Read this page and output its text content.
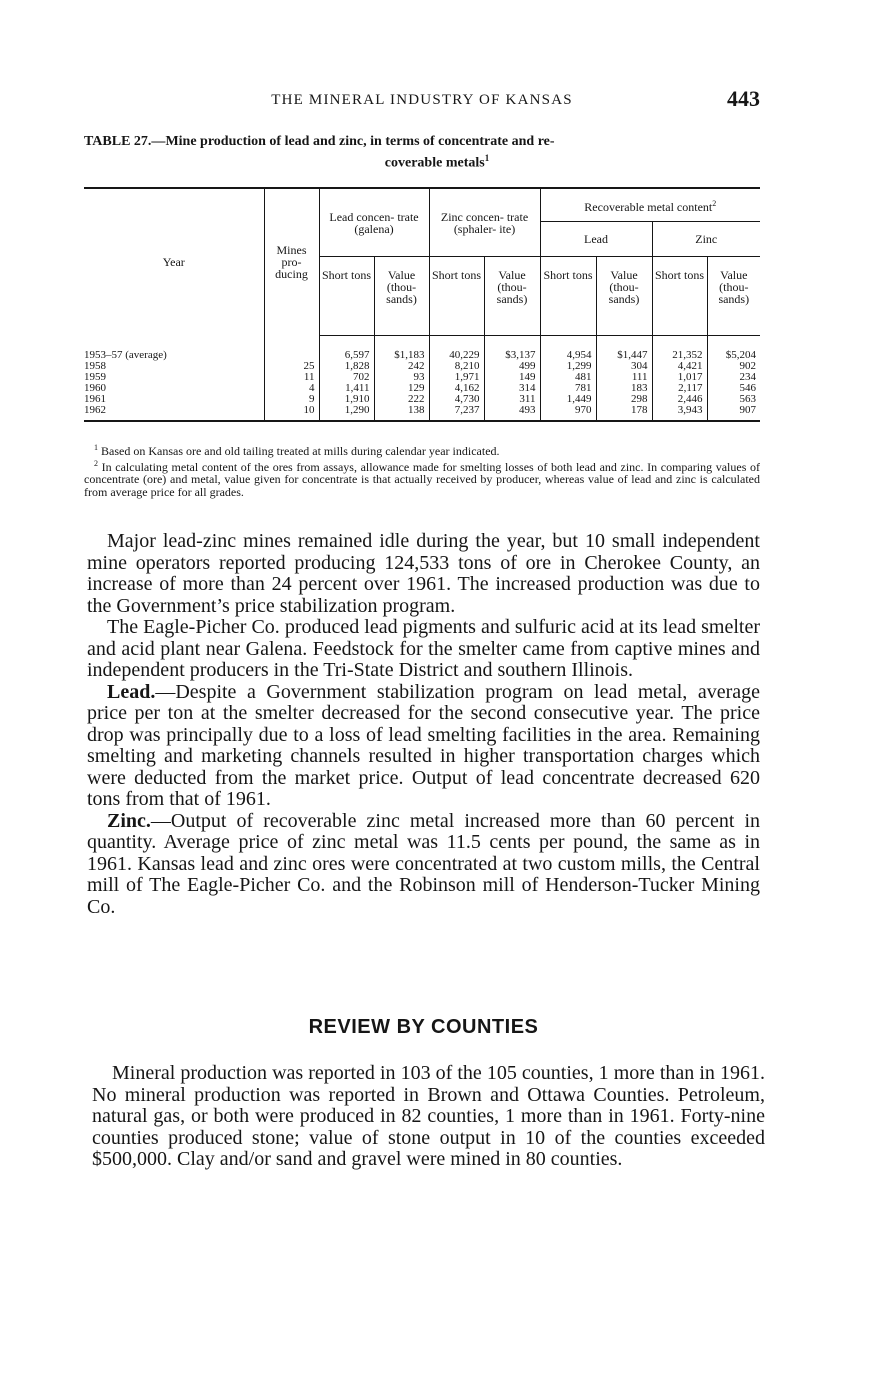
THE MINERAL INDUSTRY OF KANSAS	443
TABLE 27.—Mine production of lead and zinc, in terms of concentrate and re-
coverable metals$^1$
Year	Mines pro- ducing	Lead concen- trate (galena)		Zinc concen- trate (sphaler- ite)		Recoverable metal content$^2$
						Lead		Zinc	
		Short tons	Value (thou- sands)	Short tons	Value (thou- sands)	Short tons	Value (thou- sands)	Short tons	Value (thou- sands)
1953–57 (average)		6,597	$1,183	40,229	$3,137	4,954	$1,447	21,352	$5,204
1958	25	1,828	242	8,210	499	1,299	304	4,421	902
1959	11	702	93	1,971	149	481	111	1,017	234
1960	4	1,411	129	4,162	314	781	183	2,117	546
1961	9	1,910	222	4,730	311	1,449	298	2,446	563
1962	10	1,290	138	7,237	493	970	178	3,943	907

$^1$ Based on Kansas ore and old tailing treated at mills during calendar year indicated.

$^2$ In calculating metal content of the ores from assays, allowance made for smelting losses of both lead and zinc. In comparing values of concentrate (ore) and metal, value given for concentrate is that actually received by producer, whereas value of lead and zinc is calculated from average price for all grades.

Major lead-zinc mines remained idle during the year, but 10 small independent mine operators reported producing 124,533 tons of ore in Cherokee County, an increase of more than 24 percent over 1961. The increased production was due to the Government’s price stabilization program.

The Eagle-Picher Co. produced lead pigments and sulfuric acid at its lead smelter and acid plant near Galena. Feedstock for the smelter came from captive mines and independent producers in the Tri-State District and southern Illinois.

Lead.—Despite a Government stabilization program on lead metal, average price per ton at the smelter decreased for the second consecutive year. The price drop was principally due to a loss of lead smelting facilities in the area. Remaining smelting and marketing channels resulted in higher transportation charges which were deducted from the market price. Output of lead concentrate decreased 620 tons from that of 1961.

Zinc.—Output of recoverable zinc metal increased more than 60 percent in quantity. Average price of zinc metal was 11.5 cents per pound, the same as in 1961. Kansas lead and zinc ores were concentrated at two custom mills, the Central mill of The Eagle-Picher Co. and the Robinson mill of Henderson-Tucker Mining Co.

REVIEW BY COUNTIES

Mineral production was reported in 103 of the 105 counties, 1 more than in 1961. No mineral production was reported in Brown and Ottawa Counties. Petroleum, natural gas, or both were produced in 82 counties, 1 more than in 1961. Forty-nine counties produced stone; value of stone output in 10 of the counties exceeded $500,000. Clay and/or sand and gravel were mined in 80 counties.
